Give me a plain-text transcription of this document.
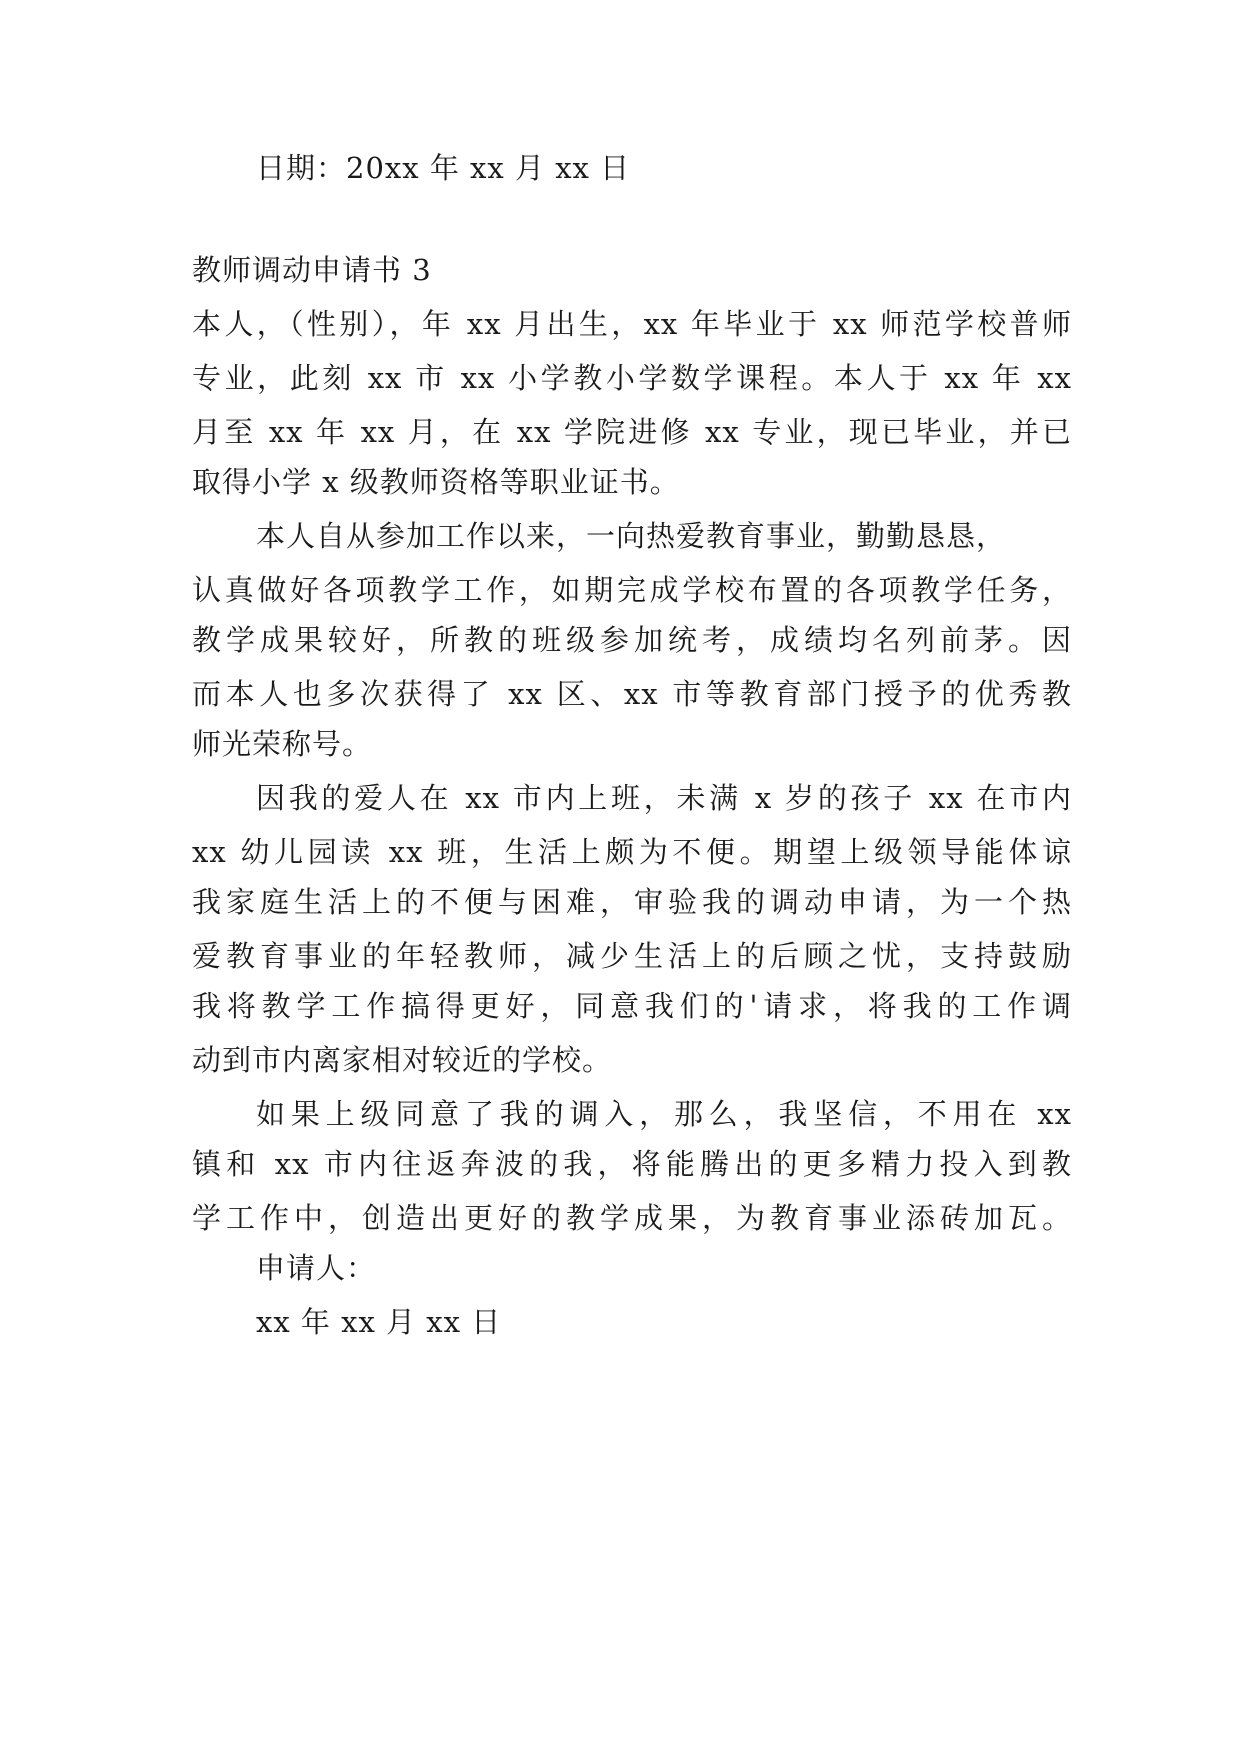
日期：20xx 年 xx 月 xx 日

教师调动申请书 3

本人，（性别），年 xx 月出生，xx 年毕业于 xx 师范学校普师

专业，此刻 xx 市 xx 小学教小学数学课程。本人于 xx 年 xx

月至 xx 年 xx 月，在 xx 学院进修 xx 专业，现已毕业，并已

取得小学 x 级教师资格等职业证书。

本人自从参加工作以来，一向热爱教育事业，勤勤恳恳，

认真做好各项教学工作，如期完成学校布置的各项教学任务，

教学成果较好，所教的班级参加统考，成绩均名列前茅。因

而本人也多次获得了 xx 区、xx 市等教育部门授予的优秀教

师光荣称号。

因我的爱人在 xx 市内上班，未满 x 岁的孩子 xx 在市内

xx 幼儿园读 xx 班，生活上颇为不便。期望上级领导能体谅

我家庭生活上的不便与困难，审验我的调动申请，为一个热

爱教育事业的年轻教师，减少生活上的后顾之忧，支持鼓励

我将教学工作搞得更好，同意我们的'请求，将我的工作调

动到市内离家相对较近的学校。

如果上级同意了我的调入，那么，我坚信，不用在 xx

镇和 xx 市内往返奔波的我，将能腾出的更多精力投入到教

学工作中，创造出更好的教学成果，为教育事业添砖加瓦。

申请人：

xx 年 xx 月 xx 日
